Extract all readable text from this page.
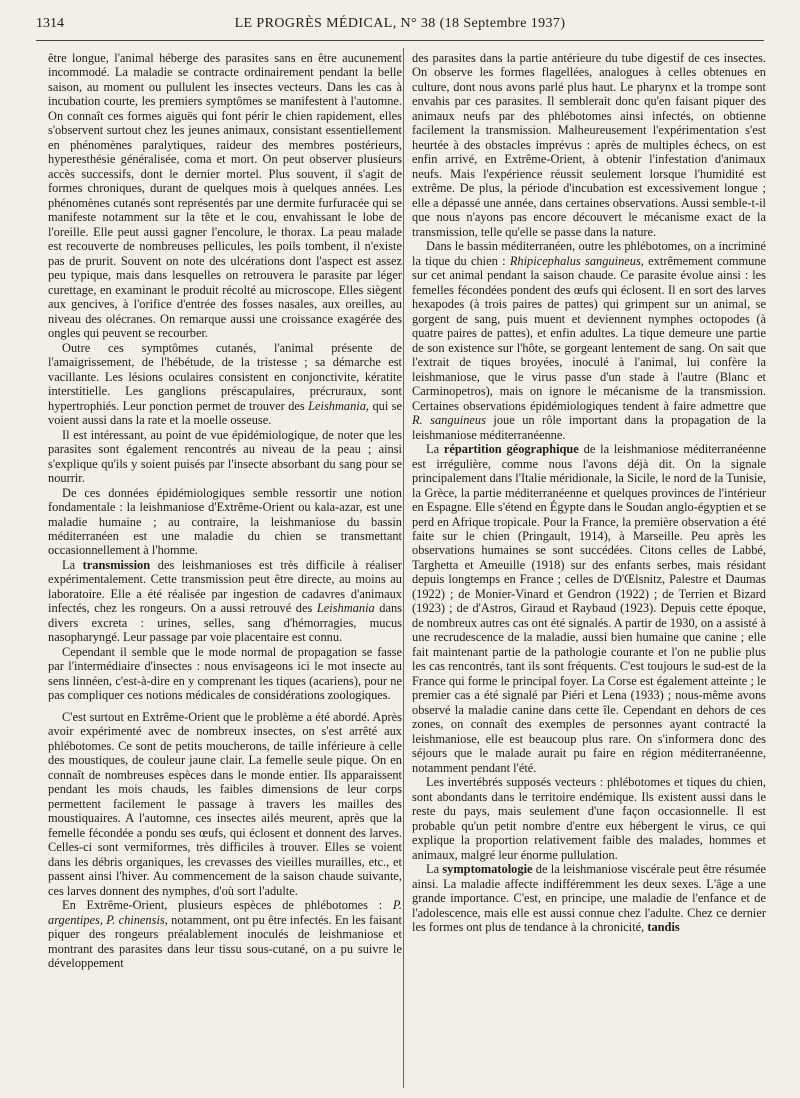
1314	LE PROGRÈS MÉDICAL, N° 38 (18 Septembre 1937)

être longue, l'animal héberge des parasites sans en être aucunement incommodé. La maladie se contracte ordinairement pendant la belle saison, au moment ou pullulent les insectes vecteurs. Dans les cas à incubation courte, les premiers symptômes se manifestent à l'automne. On connaît ces formes aiguës qui font périr le chien rapidement, elles s'observent surtout chez les jeunes animaux, consistant essentiellement en phénomènes paralytiques, raideur des membres postérieurs, hyperesthésie généralisée, coma et mort. On peut observer plusieurs accès successifs, dont le dernier mortel. Plus souvent, il s'agit de formes chroniques, durant de quelques mois à quelques années. Les phénomènes cutanés sont représentés par une dermite furfuracée qui se manifeste notamment sur la tête et le cou, envahissant le lobe de l'oreille. Elle peut aussi gagner l'encolure, le thorax. La peau malade est recouverte de nombreuses pellicules, les poils tombent, il n'existe pas de prurit. Souvent on note des ulcérations dont l'aspect est assez peu typique, mais dans lesquelles on retrouvera le parasite par léger curettage, en examinant le produit récolté au microscope. Elles siègent aux gencives, à l'orifice d'entrée des fosses nasales, aux oreilles, au niveau des olécranes. On remarque aussi une croissance exagérée des ongles qui peuvent se recourber.

Outre ces symptômes cutanés, l'animal présente de l'amaigrissement, de l'hébétude, de la tristesse ; sa démarche est vacillante. Les lésions oculaires consistent en conjonctivite, kératite interstitielle. Les ganglions préscapulaires, précruraux, sont hypertrophiés. Leur ponction permet de trouver des Leishmania, qui se voient aussi dans la rate et la moelle osseuse.

Il est intéressant, au point de vue épidémiologique, de noter que les parasites sont également rencontrés au niveau de la peau ; ainsi s'explique qu'ils y soient puisés par l'insecte absorbant du sang pour se nourrir.

De ces données épidémiologiques semble ressortir une notion fondamentale : la leishmaniose d'Extrême-Orient ou kala-azar, est une maladie humaine ; au contraire, la leishmaniose du bassin méditerranéen est une maladie du chien se transmettant occasionnellement à l'homme.

La transmission des leishmanioses est très difficile à réaliser expérimentalement. Cette transmission peut être directe, au moins au laboratoire. Elle a été réalisée par ingestion de cadavres d'animaux infectés, chez les rongeurs. On a aussi retrouvé des Leishmania dans divers excreta : urines, selles, sang d'hémorragies, mucus nasopharyngé. Leur passage par voie placentaire est connu.

Cependant il semble que le mode normal de propagation se fasse par l'intermédiaire d'insectes : nous envisageons ici le mot insecte au sens linnéen, c'est-à-dire en y comprenant les tiques (acariens), pour ne pas compliquer ces notions médicales de considérations zoologiques.

C'est surtout en Extrême-Orient que le problème a été abordé. Après avoir expérimenté avec de nombreux insectes, on s'est arrêté aux phlébotomes. Ce sont de petits moucherons, de taille inférieure à celle des moustiques, de couleur jaune clair. La femelle seule pique. On en connaît de nombreuses espèces dans le monde entier. Ils apparaissent pendant les mois chauds, les faibles dimensions de leur corps permettent facilement le passage à travers les mailles des moustiquaires. A l'automne, ces insectes ailés meurent, après que la femelle fécondée a pondu ses œufs, qui éclosent et donnent des larves. Celles-ci sont vermiformes, très difficiles à trouver. Elles se voient dans les débris organiques, les crevasses des vieilles murailles, etc., et passent ainsi l'hiver. Au commencement de la saison chaude suivante, ces larves donnent des nymphes, d'où sort l'adulte.

En Extrême-Orient, plusieurs espèces de phlébotomes : P. argentipes, P. chinensis, notamment, ont pu être infectés. En les faisant piquer des rongeurs préalablement inoculés de leishmaniose et montrant des parasites dans leur tissu sous-cutané, on a pu suivre le développement

des parasites dans la partie antérieure du tube digestif de ces insectes. On observe les formes flagellées, analogues à celles obtenues en culture, dont nous avons parlé plus haut. Le pharynx et la trompe sont envahis par ces parasites. Il semblerait donc qu'en faisant piquer des animaux neufs par des phlébotomes ainsi infectés, on obtienne facilement la transmission. Malheureusement l'expérimentation s'est heurtée à des obstacles imprévus : après de multiples échecs, on est enfin arrivé, en Extrême-Orient, à obtenir l'infestation d'animaux neufs. Mais l'expérience réussit seulement lorsque l'humidité est extrême. De plus, la période d'incubation est excessivement longue ; elle a dépassé une année, dans certaines observations. Aussi semble-t-il que nous n'ayons pas encore découvert le mécanisme exact de la transmission, telle qu'elle se passe dans la nature.

Dans le bassin méditerranéen, outre les phlébotomes, on a incriminé la tique du chien : Rhipicephalus sanguineus, extrêmement commune sur cet animal pendant la saison chaude. Ce parasite évolue ainsi : les femelles fécondées pondent des œufs qui éclosent. Il en sort des larves hexapodes (à trois paires de pattes) qui grimpent sur un animal, se gorgent de sang, puis muent et deviennent nymphes octopodes (à quatre paires de pattes), et enfin adultes. La tique demeure une partie de son existence sur l'hôte, se gorgeant lentement de sang. On sait que l'extrait de tiques broyées, inoculé à l'animal, lui confère la leishmaniose, que le virus passe d'un stade à l'autre (Blanc et Carminopetros), mais on ignore le mécanisme de la transmission. Certaines observations épidémiologiques tendent à faire admettre que R. sanguineus joue un rôle important dans la propagation de la leishmaniose méditerranéenne.

La répartition géographique de la leishmaniose méditerranéenne est irrégulière, comme nous l'avons déjà dit. On la signale principalement dans l'Italie méridionale, la Sicile, le nord de la Tunisie, la Grèce, la partie méditerranéenne et quelques provinces de l'intérieur en Espagne. Elle s'étend en Égypte dans le Soudan anglo-égyptien et se perd en Afrique tropicale. Pour la France, la première observation a été faite sur le chien (Pringault, 1914), à Marseille. Peu après les observations humaines se sont succédées. Citons celles de Labbé, Targhetta et Ameuille (1918) sur des enfants serbes, mais résidant depuis longtemps en France ; celles de D'Œlsnitz, Palestre et Daumas (1922) ; de Monier-Vinard et Gendron (1922) ; de Terrien et Bizard (1923) ; de d'Astros, Giraud et Raybaud (1923). Depuis cette époque, de nombreux autres cas ont été signalés. A partir de 1930, on a assisté à une recrudescence de la maladie, aussi bien humaine que canine ; elle fait maintenant partie de la pathologie courante et l'on ne publie plus les cas rencontrés, tant ils sont fréquents. C'est toujours le sud-est de la France qui forme le principal foyer. La Corse est également atteinte ; le premier cas a été signalé par Piéri et Lena (1933) ; nous-même avons observé la maladie canine dans cette île. Cependant en dehors de ces zones, on connaît des exemples de personnes ayant contracté la leishmaniose, elle est beaucoup plus rare. On s'informera donc des séjours que le malade aurait pu faire en région méditerranéenne, notamment pendant l'été.

Les invertébrés supposés vecteurs : phlébotomes et tiques du chien, sont abondants dans le territoire endémique. Ils existent aussi dans le reste du pays, mais seulement d'une façon occasionnelle. Il est probable qu'un petit nombre d'entre eux hébergent le virus, ce qui explique la proportion relativement faible des malades, hommes et animaux, malgré leur énorme pullulation.

La symptomatologie de la leishmaniose viscérale peut être résumée ainsi. La maladie affecte indifféremment les deux sexes. L'âge a une grande importance. C'est, en principe, une maladie de l'enfance et de l'adolescence, mais elle est aussi connue chez l'adulte. Chez ce dernier les formes ont plus de tendance à la chronicité, tandis
